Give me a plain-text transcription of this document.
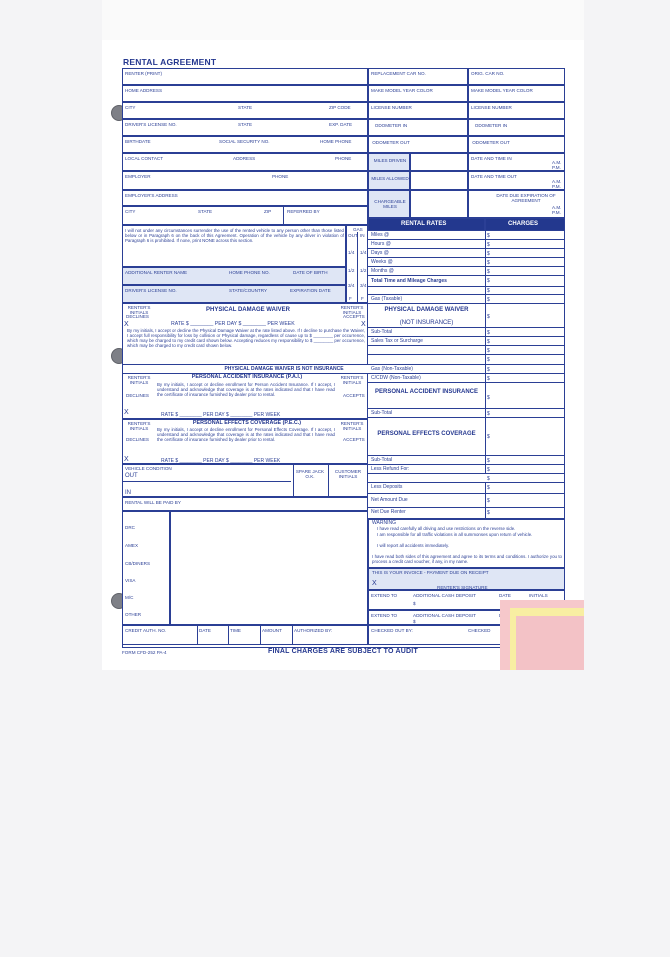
RENTAL AGREEMENT
RENTER (PRINT)
HOME ADDRESS
CITY	STATE	ZIP CODE
DRIVER'S LICENSE NO.	STATE	EXP. DATE
BIRTHDATE	SOCIAL SECURITY NO.	HOME PHONE
LOCAL CONTACT	ADDRESS	PHONE
EMPLOYER	PHONE
EMPLOYER'S ADDRESS
CITY	STATE	ZIP	REFERRED BY
REPLACEMENT CAR NO.	ORIG. CAR NO.
MAKE MODEL YEAR COLOR	MAKE MODEL YEAR COLOR
LICENSE NUMBER	LICENSE NUMBER
ODOMETER IN	ODOMETER IN
ODOMETER OUT	ODOMETER OUT
MILES DRIVEN	DATE AND TIME IN
A.M.
P.M.
MILES ALLOWED	DATE AND TIME OUT
A.M.
P.M.
CHARGEABLE MILES
DATE DUE EXPIRATION OF AGREEMENT
A.M.
P.M.
I will not under any circumstances surrender the use of the rented vehicle to any person other than those listed below or in Paragraph 6 on the back of this Agreement. Operation of the vehicle by any driver in violation of Paragraph 6 is prohibited. If none, print NONE across this section.
GAS
OUT IN
1/4 1/4
1/2 1/2
3/4 3/4
F F
ADDITIONAL RENTER NAME	HOME PHONE NO.	DATE OF BIRTH
DRIVER'S LICENSE NO.	STATE/COUNTRY	EXPIRATION DATE
RENTER'S INITIALS
DECLINES
X
RENTER'S INITIALS
ACCEPTS
X
PHYSICAL DAMAGE WAIVER
RATE $ ________ PER DAY $ ________ PER WEEK
By my initials, I accept or decline the Physical Damage Waiver at the rate listed above. If I decline to purchase the Waiver, I accept full responsibility for loss by collision or Physical damage, regardless of cause up to $ ________ per occurrence, which may be charged to my credit card shown below. Accepting reduces my responsibility to $ ________ per occurrence, which may be charged to my credit card shown below.
PHYSICAL DAMAGE WAIVER IS NOT INSURANCE
RENTER'S INITIALS
DECLINES
RENTER'S INITIALS
ACCEPTS
PERSONAL ACCIDENT INSURANCE (P.A.I.)
By my initials, I accept or decline enrollment for Person Accident Insurance. If I accept, I understand and acknowledge that coverage is at the rates indicated and that I have read the certificate of insurance furnished by dealer prior to rental.
X	RATE $ ________ PER DAY $ ________ PER WEEK
RENTER'S INITIALS
DECLINES
RENTER'S INITIALS
ACCEPTS
PERSONAL EFFECTS COVERAGE (P.E.C.)
By my initials, I accept or decline enrollment for Personal Effects Coverage. If I accept, I understand and acknowledge that coverage is at the rates indicated and that I have read the certificate of insurance furnished by dealer prior to rental.
X	RATE $ ________ PER DAY $ ________ PER WEEK
VEHICLE CONDITION
OUT
IN
SPARE JACK O.K.
CUSTOMER INITIALS
RENTAL WILL BE PAID BY
DRC
AMEX
CB/DINERS
VISA
M/C
OTHER
CREDIT AUTH. NO.	DATE	TIME	AMOUNT	AUTHORIZED BY:
RENTAL RATES	CHARGES
Miles @	$
Hours @	$
Days @	$
Weeks @	$
Months @	$
Total Time and Mileage Charges	$
$
Gas (Taxable)	$
PHYSICAL DAMAGE WAIVER
(NOT INSURANCE)
$
Sub-Total	$
Sales Tax or Surcharge	$
$
$
Gas (Non-Taxable)	$
C/CDW (Non-Taxable)	$
PERSONAL ACCIDENT INSURANCE
$
Sub-Total	$
PERSONAL EFFECTS COVERAGE	$
Sub-Total	$
Less Refund For:	$
Total Charge	$
Less Deposits	$
Net Amount Due	$
Net Due Renter	$
WARNING
I have read carefully all driving and use restrictions on the reverse side.
I am responsible for all traffic violations in all summonses upon return of vehicle.
I will report all accidents immediately.
I have read both sides of this agreement and agree to its terms and conditions. I authorize you to process a credit card voucher, if any, in my name.
THIS IS YOUR INVOICE - PAYMENT DUE ON RECEIPT
X
RENTER'S SIGNATURE
EXTEND TO	ADDITIONAL CASH DEPOSIT	DATE	INITIALS
$
EXTEND TO	ADDITIONAL CASH DEPOSIT
$
CHECKED OUT BY:	CHECKED
FORM CFD-252 PA-4	FINAL CHARGES ARE SUBJECT TO AUDIT
